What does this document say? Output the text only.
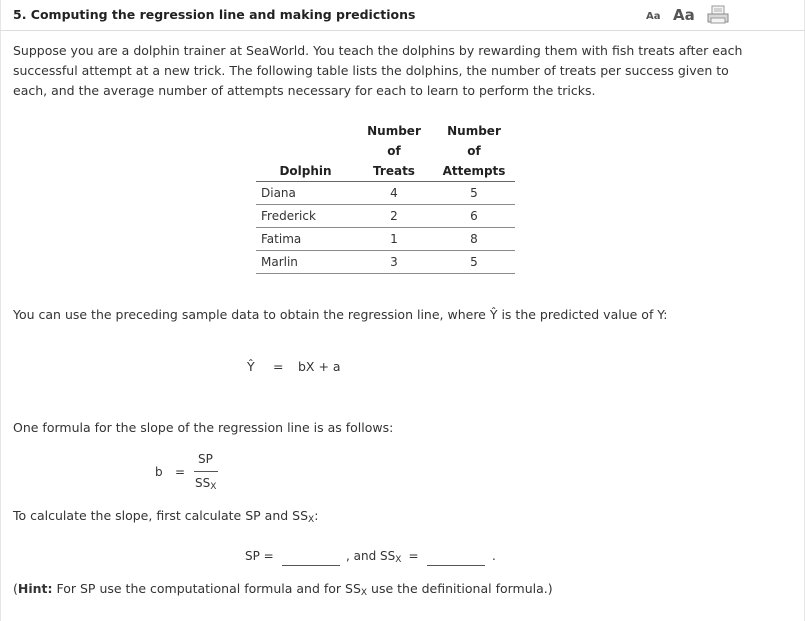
5. Computing the regression line and making predictions	Aa Aa
Suppose you are a dolphin trainer at SeaWorld. You teach the dolphins by rewarding them with fish treats after each successful attempt at a new trick. The following table lists the dolphins, the number of treats per success given to each, and the average number of attempts necessary for each to learn to perform the tricks.
	Number of	Number of
Dolphin	Treats	Attempts
Diana	4	5
Frederick	2	6
Fatima	1	8
Marlin	3	5
You can use the preceding sample data to obtain the regression line, where Ŷ is the predicted value of Y:
Ŷ = bX + a
One formula for the slope of the regression line is as follows:
b =
SP
$SS_X$
To calculate the slope, first calculate SP and $SS_X$:
SP =	, and $SS_X$ =	.
(Hint: For SP use the computational formula and for $SS_X$ use the definitional formula.)
